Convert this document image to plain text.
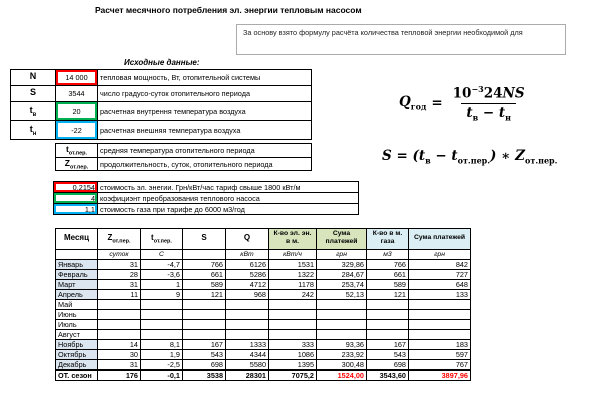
Расчет месячного потребления эл. энергии тепловым насосом
За основу взято формулу расчёта количества тепловой энергии необходимой для
Исходные данные:
N	14 000	тепловая мощность, Вт, отопительной системы
S	3544	число градусо-суток отопительного периода
$t_в$	20	расчетная внутрення температура воздуха
$t_н$	-22	расчетная внешняя температура воздуха
$t_{от.пер.}$	средняя температура отопительного периода
$Z_{от.пер.}$	продолжительность, суток, отопительного периода
0,2154	стоимость эл. энегии. Грн/кВт/час тариф свыше 1800 кВт/м
4	коэфициэнт преобразования теплового насоса
1,1	стоимость газа при тарифе до 6000 м3/год
$Q_{год} = \frac{10^{-3}24NS}{t_в - t_н}$
$S = (t_в - t_{от.пер.})$ ∗ $Z_{от.пер.}$
Месяц	$Z_{от.пер.}$	$t_{от.пер.}$	S	Q	К-во эл. эн. в м.	Сума платежей	К-во в м. газа	Сума платежей
	суток	С		кВт	кВт/ч	грн	м3	грн
Январь	31	-4,7	766	6126	1531	329,86	766	842
Февраль	28	-3,6	661	5286	1322	284,67	661	727
Март	31	1	589	4712	1178	253,74	589	648
Апрель	11	9	121	968	242	52,13	121	133
Май								
Июнь								
Июль								
Август								
Ноябрь	14	8,1	167	1333	333	93,36	167	183
Октябрь	30	1,9	543	4344	1086	233,92	543	597
Декабрь	31	-2,5	698	5580	1395	300,48	698	767
ОТ. сезон	176	-0,1	3538	28301	7075,2	1524,00	3543,60	3897,96
